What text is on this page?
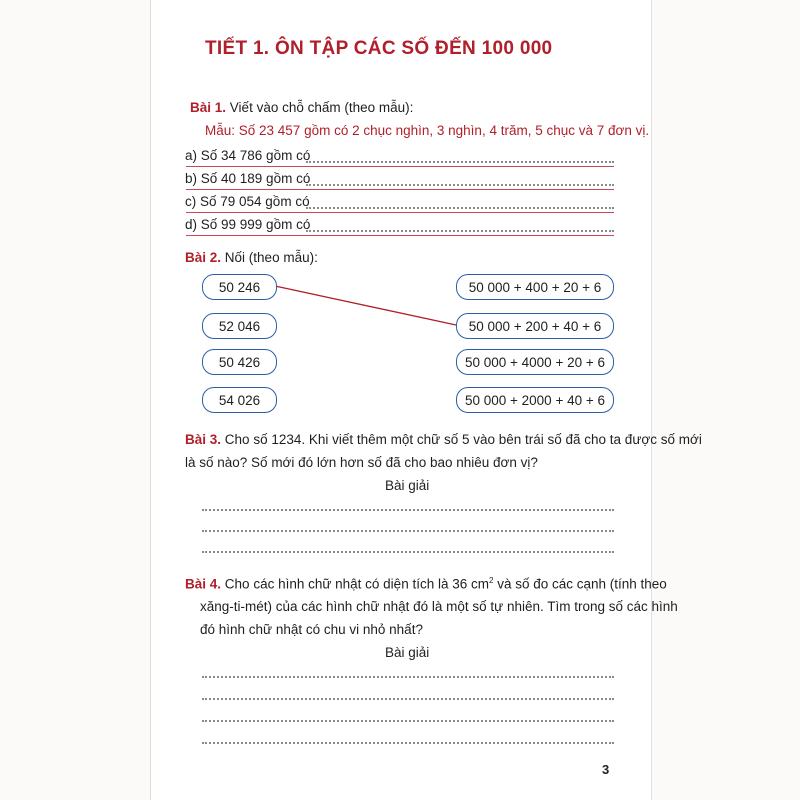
TIẾT 1. ÔN TẬP CÁC SỐ ĐẾN 100 000
Bài 1. Viết vào chỗ chấm (theo mẫu):
Mẫu: Số 23 457 gồm có 2 chục nghìn, 3 nghìn, 4 trăm, 5 chục và 7 đơn vị.
a) Số 34 786 gồm có
b) Số 40 189 gồm có
c) Số 79 054 gồm có
d) Số 99 999 gồm có
Bài 2. Nối (theo mẫu):
50 246
52 046
50 426
54 026
50 000 + 400 + 20 + 6
50 000 + 200 + 40 + 6
50 000 + 4000 + 20 + 6
50 000 + 2000 + 40 + 6
Bài 3. Cho số 1234. Khi viết thêm một chữ số 5 vào bên trái số đã cho ta được số mới
là số nào? Số mới đó lớn hơn số đã cho bao nhiêu đơn vị?
Bài giải
Bài 4. Cho các hình chữ nhật có diện tích là 36 $cm^2$ và số đo các cạnh (tính theo
xăng-ti-mét) của các hình chữ nhật đó là một số tự nhiên. Tìm trong số các hình
đó hình chữ nhật có chu vi nhỏ nhất?
Bài giải
3
